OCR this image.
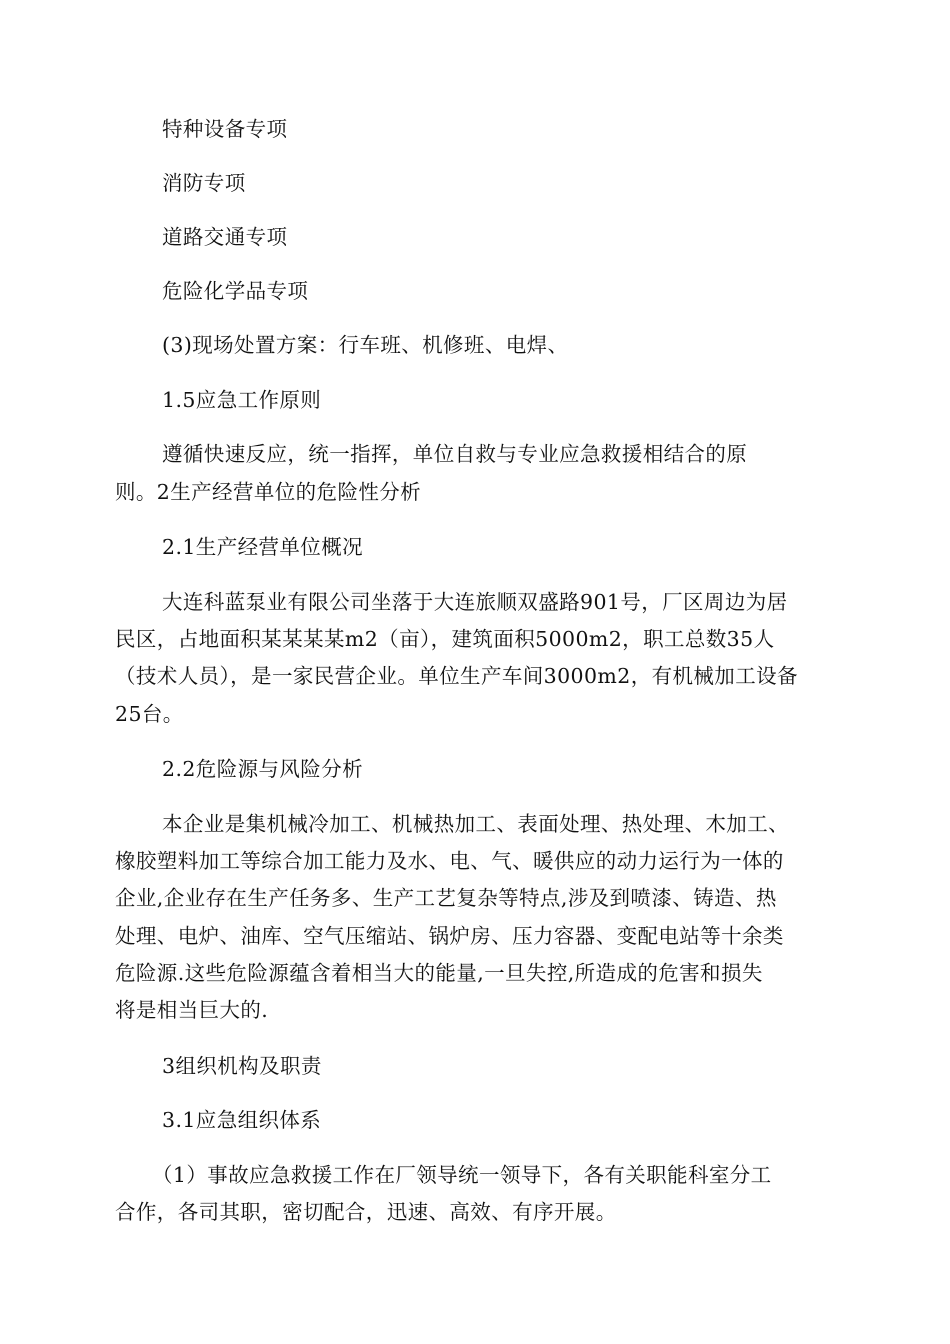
特种设备专项
消防专项
道路交通专项
危险化学品专项
(3)现场处置方案：行车班、机修班、电焊、
1.5应急工作原则
遵循快速反应，统一指挥，单位自救与专业应急救援相结合的原
则。2生产经营单位的危险性分析
2.1生产经营单位概况
大连科蓝泵业有限公司坐落于大连旅顺双盛路901号，厂区周边为居
民区，占地面积某某某某m2（亩），建筑面积5000m2，职工总数35人
（技术人员），是一家民营企业。单位生产车间3000m2，有机械加工设备
25台。
2.2危险源与风险分析
本企业是集机械冷加工、机械热加工、表面处理、热处理、木加工、
橡胶塑料加工等综合加工能力及水、电、气、暖供应的动力运行为一体的
企业,企业存在生产任务多、生产工艺复杂等特点,涉及到喷漆、铸造、热
处理、电炉、油库、空气压缩站、锅炉房、压力容器、变配电站等十余类
危险源.这些危险源蕴含着相当大的能量,一旦失控,所造成的危害和损失
将是相当巨大的.
3组织机构及职责
3.1应急组织体系
（1）事故应急救援工作在厂领导统一领导下，各有关职能科室分工
合作，各司其职，密切配合，迅速、高效、有序开展。
